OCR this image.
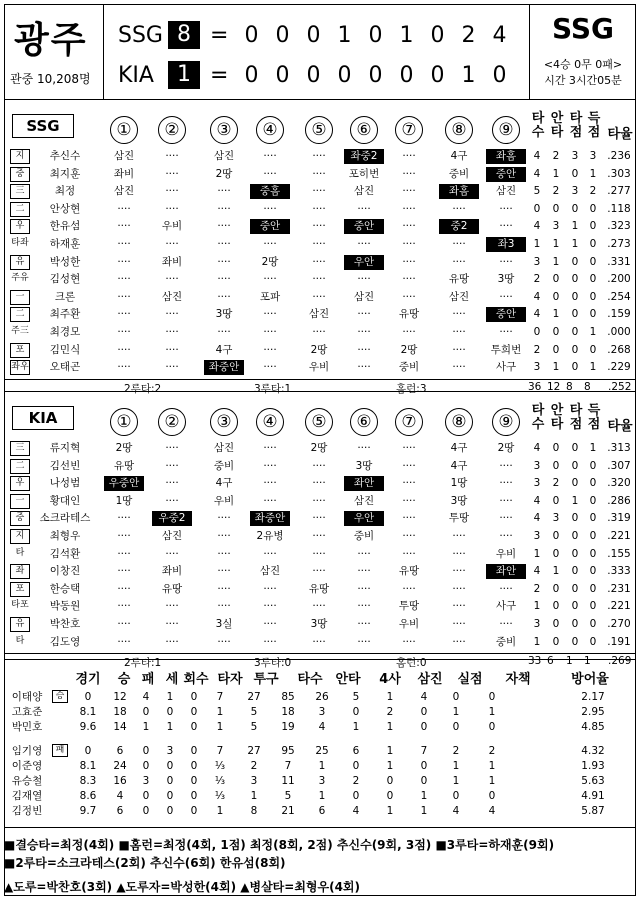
광주
관중 10,208명
SSG 8 = 0 0 0 1 0 1 0 2 4
KIA	1 = 0 0 0 0 0 0 0 1 0
SSG
<4승 0무 0패>
시간 3시간05분
SSG	①	②	③	④	⑤	⑥	⑦	⑧	⑨
타수
안타
타점
득점 타율
지	추신수	삼진	····	삼진	····	····	좌중2	····	4구	좌홈	4	2	3	3	.236
중	최지훈	좌비	····	2땅	····	····	포히번	····	중비	중안	4	1	0	1	.303
三	최정	삼진	····	····	중홈	····	삼진	····	좌홈	삼진	5	2	3	2	.277
二	안상현	····	····	····	····	····	····	····	····	····	0	0	0	0	.118
우	한유섬	····	우비	····	중안	····	중안	····	중2	····	4	3	1	0	.323
타좌	하재훈	····	····	····	····	····	····	····	····	좌3	1	1	1	0	.273
유	박성한	····	좌비	····	2땅	····	우안	····	····	····	3	1	0	0	.331
주유	김성현	····	····	····	····	····	····	····	유땅	3땅	2	0	0	0	.200
一	크론	····	삼진	····	포파	····	삼진	····	삼진	····	4	0	0	0	.254
二	최주환	····	····	3땅	····	삼진	····	유땅	····	중안	4	1	0	0	.159
주三	최경모	····	····	····	····	····	····	····	····	····	0	0	0	1	.000
포	김민식	····	····	4구	····	2땅	····	2땅	····	투희번	2	0	0	0	.268
좌우	오태곤	····	····	좌중안	····	우비	····	중비	····	사구	3	1	0	1	.229
2루타:2	3루타:1	홈런:3	36 12 8 8 .252
KIA	①	②	③	④	⑤	⑥	⑦	⑧	⑨
타수
안타
타점
득점 타율
三	류지혁	2땅	····	삼진	····	2땅	····	····	4구	2땅	4	0	0	1	.313
二	김선빈	유땅	····	중비	····	····	3땅	····	4구	····	3	0	0	0	.307
우	나성범	우중안	····	4구	····	····	좌안	····	1땅	····	3	2	0	0	.320
一	황대인	1땅	····	우비	····	····	삼진	····	3땅	····	4	0	1	0	.286
중	소크라테스	····	우중2	····	좌중안	····	우안	····	투땅	····	4	3	0	0	.319
지	최형우	····	삼진	····	2유병	····	중비	····	····	····	3	0	0	0	.221
타	김석환	····	····	····	····	····	····	····	····	우비	1	0	0	0	.155
좌	이창진	····	좌비	····	삼진	····	····	유땅	····	좌안	4	1	0	0	.333
포	한승택	····	유땅	····	····	유땅	····	····	····	····	2	0	0	0	.231
타포	박동원	····	····	····	····	····	····	투땅	····	사구	1	0	0	0	.221
유	박찬호	····	····	3실	····	3땅	····	우비	····	····	3	0	0	0	.270
타	김도영	····	····	····	····	····	····	····	····	중비	1	0	0	0	.191
2루타:1	3루타:0	홈런:0	33 6 1 1 .269
경기	승 패 세 회수 타자 투구 타수 안타	4사	삼진 실점 자책	방어율
이태양	승	0	12	4	1	0	7	27	85	26	5	1	4	0	0	2.17
고효준	8.1	18	0	0	0	1	5	18	3	0	2	0	1	1	2.95
박민호	9.6	14	1	1	0	1	5	19	4	1	1	0	0	0	4.85
임기영	패	0	6	0	3	0	7	27	95	25	6	1	7	2	2	4.32
이준영	8.1	24	0	0	0	⅓	2	7	1	0	1	0	1	1	1.93
유승철	8.3	16	3	0	0	⅓	3	11	3	2	0	0	1	1	5.63
김재열	8.6	4	0	0	0	⅓	1	5	1	0	0	1	0	0	4.91
김정빈	9.7	6	0	0	0	1	8	21	6	4	1	1	4	4	5.87
■결승타=최정(4회) ■홈런=최정(4회, 1점) 최정(8회, 2점) 추신수(9회, 3점) ■3루타=하재훈(9회)
■2루타=소크라테스(2회) 추신수(6회) 한유섬(8회)
▲도루=박찬호(3회) ▲도루자=박성한(4회) ▲병살타=최형우(4회)
